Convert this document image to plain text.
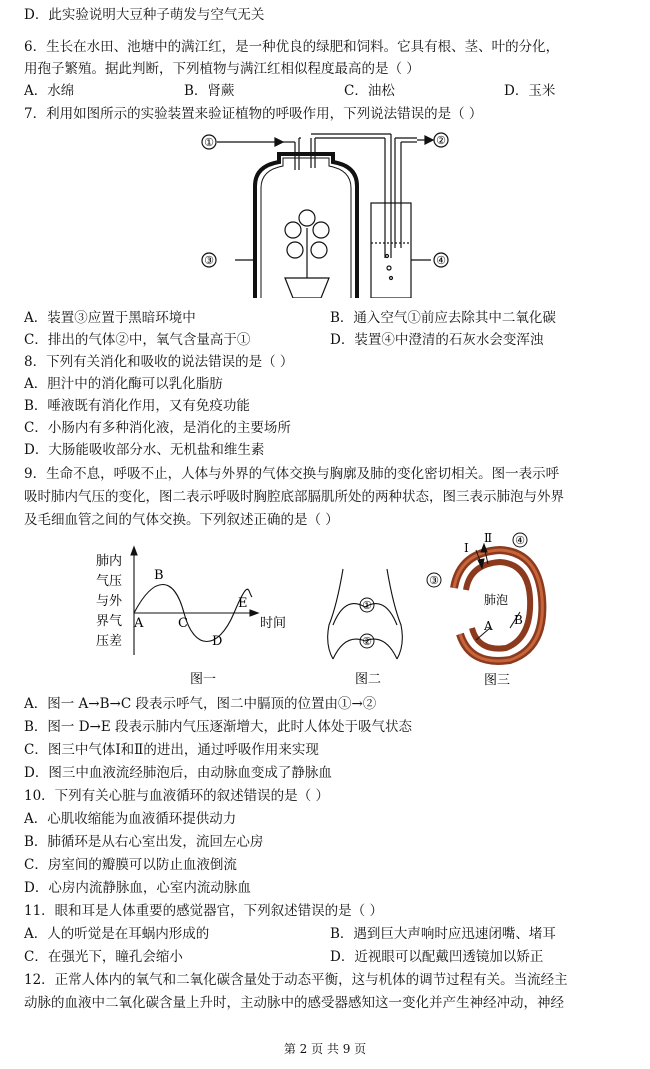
D．此实验说明大豆种子萌发与空气无关
6．生长在水田、池塘中的满江红，是一种优良的绿肥和饲料。它具有根、茎、叶的分化，
用孢子繁殖。据此判断，下列植物与满江红相似程度最高的是（ ）
A．水绵	B．肾蕨	C．油松	D．玉米
7．利用如图所示的实验装置来验证植物的呼吸作用，下列说法错误的是（ ）
①	②
③	④
A．装置③应置于黑暗环境中	B．通入空气①前应去除其中二氧化碳
C．排出的气体②中，氧气含量高于①	D．装置④中澄清的石灰水会变浑浊
8．下列有关消化和吸收的说法错误的是（ ）
A．胆汁中的消化酶可以乳化脂肪
B．唾液既有消化作用，又有免疫功能
C．小肠内有多种消化液，是消化的主要场所
D．大肠能吸收部分水、无机盐和维生素
9．生命不息，呼吸不止，人体与外界的气体交换与胸廓及肺的变化密切相关。图一表示呼
吸时肺内气压的变化，图二表示呼吸时胸腔底部膈肌所处的两种状态，图三表示肺泡与外界
及毛细血管之间的气体交换。下列叙述正确的是（ ）
肺内
气压
与外
界气
压差
时间
A
B
C
D
E
图一
①
②
图二
Ⅰ
Ⅱ
③
④
肺泡
A B
图三
A．图一 A→B→C 段表示呼气，图二中膈顶的位置由①→②
B．图一 D→E 段表示肺内气压逐渐增大，此时人体处于吸气状态
C．图三中气体Ⅰ和Ⅱ的进出，通过呼吸作用来实现
D．图三中血液流经肺泡后，由动脉血变成了静脉血
10．下列有关心脏与血液循环的叙述错误的是（ ）
A．心肌收缩能为血液循环提供动力
B．肺循环是从右心室出发，流回左心房
C．房室间的瓣膜可以防止血液倒流
D．心房内流静脉血，心室内流动脉血
11．眼和耳是人体重要的感觉器官，下列叙述错误的是（ ）
A．人的听觉是在耳蜗内形成的	B．遇到巨大声响时应迅速闭嘴、堵耳
C．在强光下，瞳孔会缩小	D．近视眼可以配戴凹透镜加以矫正
12．正常人体内的氧气和二氧化碳含量处于动态平衡，这与机体的调节过程有关。当流经主
动脉的血液中二氧化碳含量上升时，主动脉中的感受器感知这一变化并产生神经冲动，神经
第 2 页 共 9 页
